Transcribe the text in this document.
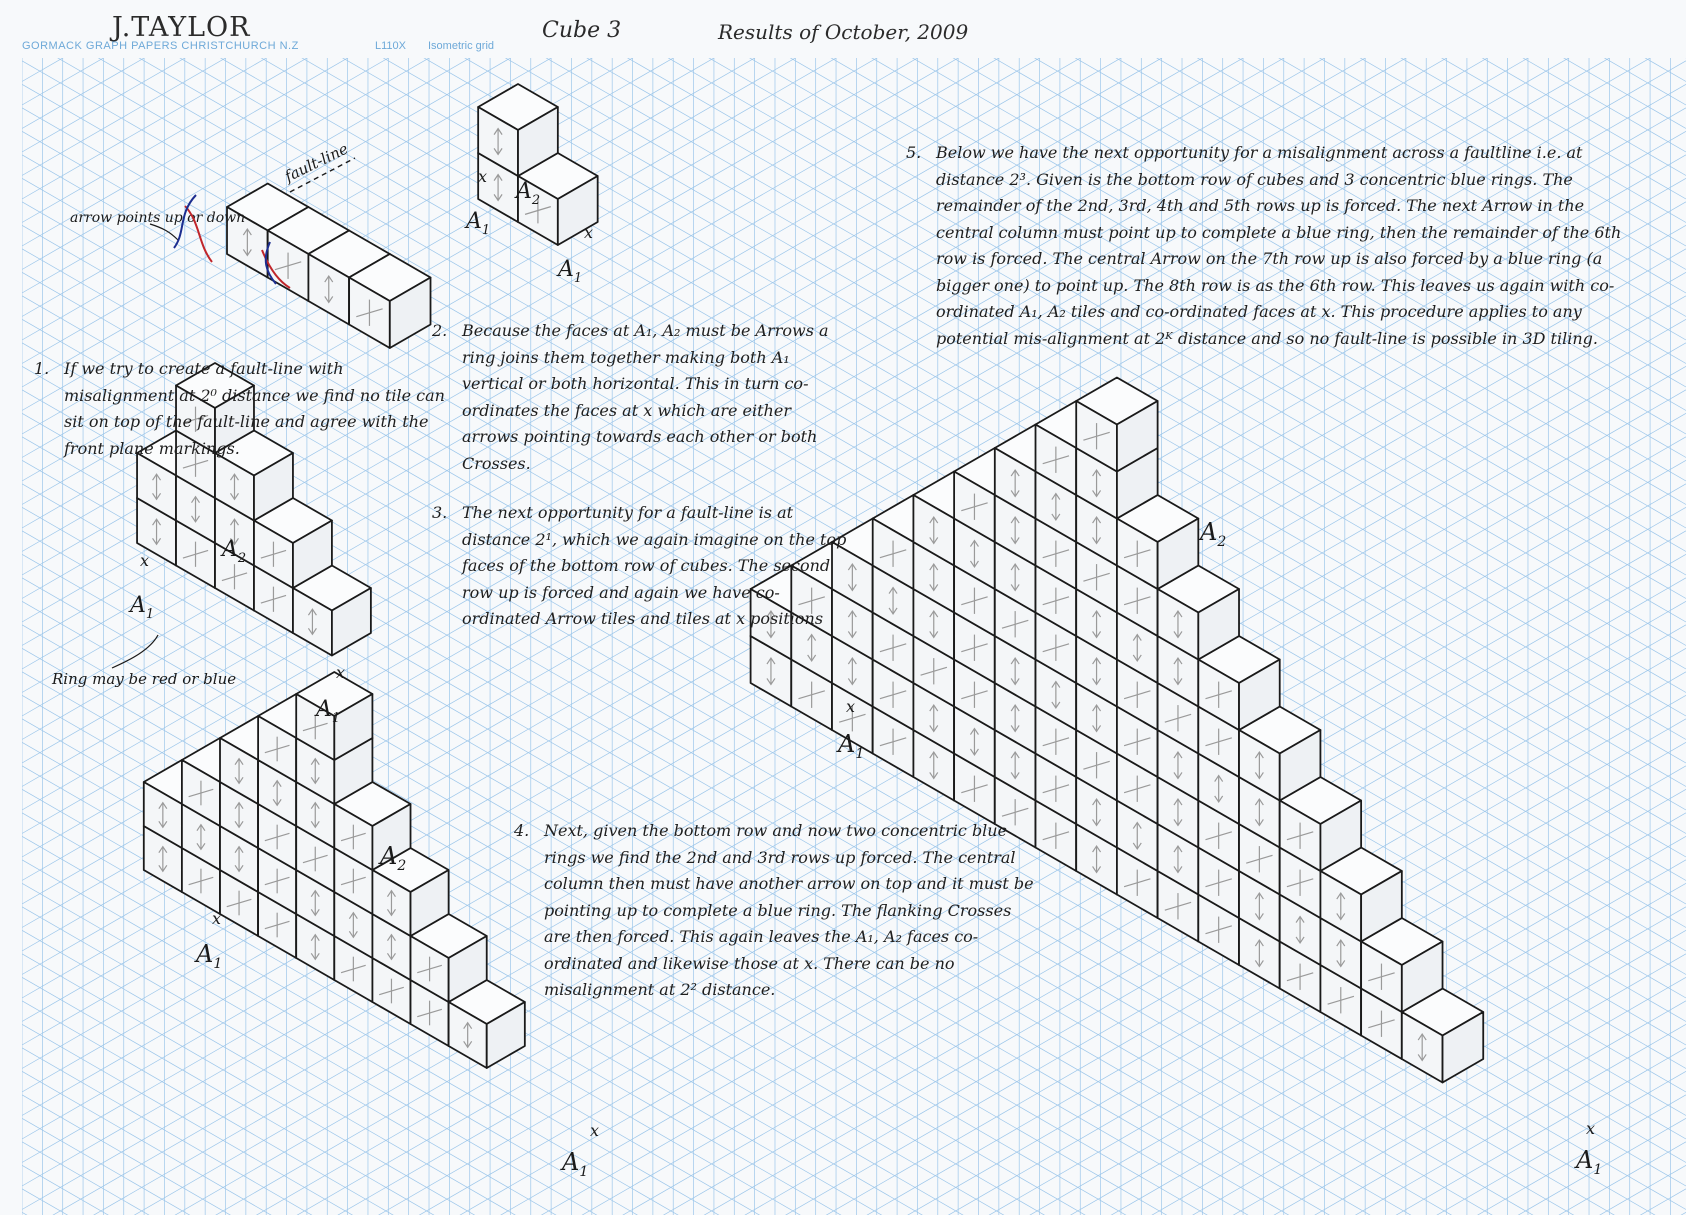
J.TAYLOR
GORMACK GRAPH PAPERS CHRISTCHURCH N.Z	L110X Isometric grid
Cube 3	Results of October, 2009
fault-line
arrow points up or down
$A_2$
$A_1$
$A_1$
x
x
$A_2$
$A_1$
$A_1$
x
x
Ring may be red or blue
$A_2$
$A_1$
$A_1$
x
x
$A_2$
$A_1$
$A_1$
x
x
1. If we try to create a fault-line with misalignment at 2⁰ distance we find no tile can sit on top of the fault-line and agree with the front plane markings.
2. Because the faces at A₁, A₂ must be Arrows a ring joins them together making both A₁ vertical or both horizontal. This in turn co-ordinates the faces at x which are either arrows pointing towards each other or both Crosses.
3. The next opportunity for a fault-line is at distance 2¹, which we again imagine on the top faces of the bottom row of cubes. The second row up is forced and again we have co-ordinated Arrow tiles and tiles at x positions
4. Next, given the bottom row and now two concentric blue rings we find the 2nd and 3rd rows up forced. The central column then must have another arrow on top and it must be pointing up to complete a blue ring. The flanking Crosses are then forced. This again leaves the A₁, A₂ faces co-ordinated and likewise those at x. There can be no misalignment at 2² distance.
5. Below we have the next opportunity for a misalignment across a faultline i.e. at distance 2³. Given is the bottom row of cubes and 3 concentric blue rings. The remainder of the 2nd, 3rd, 4th and 5th rows up is forced. The next Arrow in the central column must point up to complete a blue ring, then the remainder of the 6th row is forced. The central Arrow on the 7th row up is also forced by a blue ring (a bigger one) to point up. The 8th row is as the 6th row. This leaves us again with co-ordinated A₁, A₂ tiles and co-ordinated faces at x. This procedure applies to any potential mis-alignment at 2ᴷ distance and so no fault-line is possible in 3D tiling.
